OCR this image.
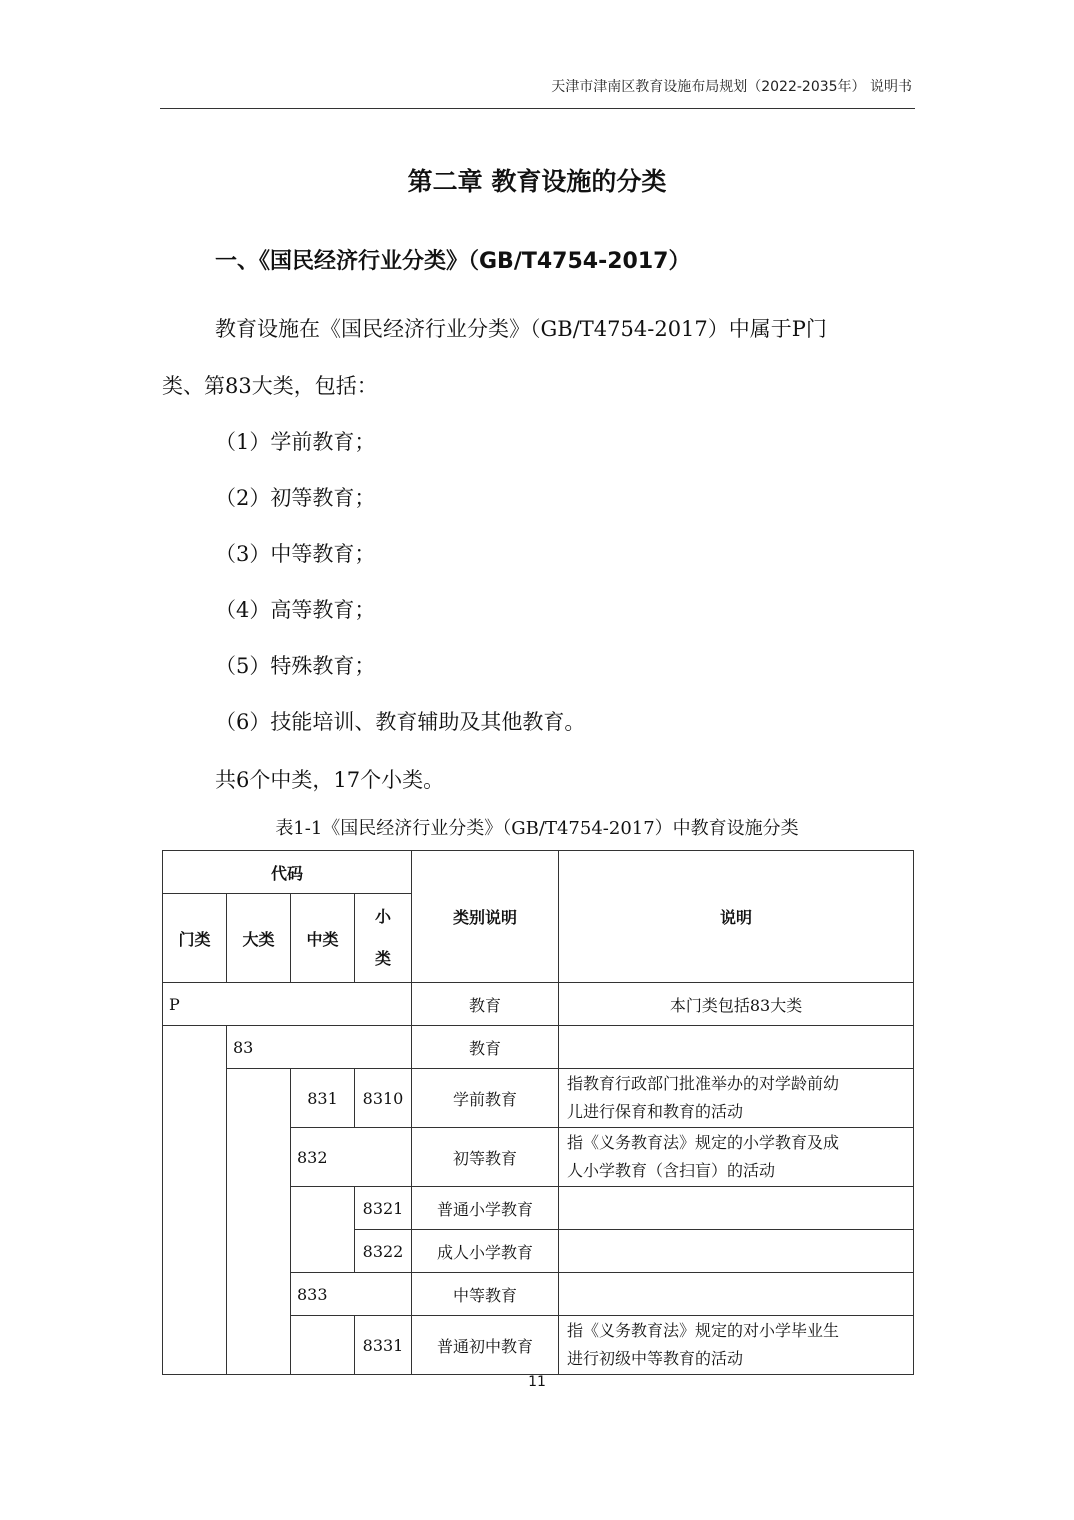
天津市津南区教育设施布局规划（2022-2035年） 说明书
第二章 教育设施的分类
一、《国民经济行业分类》（GB/T4754-2017）
教育设施在《国民经济行业分类》（GB/T4754-2017）中属于P门
类、第83大类，包括：
（1）学前教育；
（2）初等教育；
（3）中等教育；
（4）高等教育；
（5）特殊教育；
（6）技能培训、教育辅助及其他教育。
共6个中类，17个小类。
表1-1《国民经济行业分类》（GB/T4754-2017）中教育设施分类
代码				类别说明	说明
门类	大类	中类	小
类		

P				教育	本门类包括83大类
	83			教育	
		831	8310	学前教育	指教育行政部门批准举办的对学龄前幼
儿进行保育和教育的活动

		832		初等教育	指《义务教育法》规定的小学教育及成
人小学教育（含扫盲）的活动

			8321	普通小学教育	
			8322	成人小学教育	
		833		中等教育	
			8331	普通初中教育	指《义务教育法》规定的对小学毕业生
进行初级中等教育的活动
11
